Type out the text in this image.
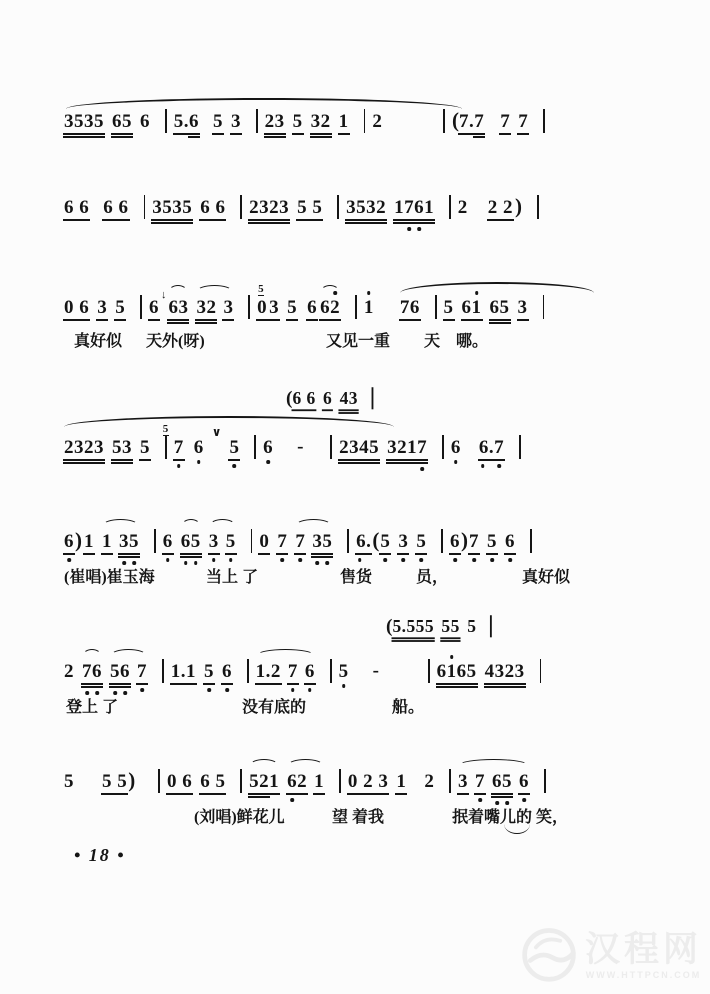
3535 65 6 5. 6 5 3 23 5 32 1 2	( 7. 7 7 7
6 6 6 6 3535 6 6 2323 5 5 3532 1761 2 2 2 )
0 6 3 5 6
↓
63 32 3 0 3
5
5 6 62 1 76 5 61 65 3
真好似 天外(呀)	又见一重 天 哪。
( 6 6 6 43
2323 53 5 7
5
6
∨
5 6 - 2345 3217 6 6. 7
6 ) 1 1 35 6 65 3 5 0 7 7 35 6. ( 5 3 5 6 ) 7 5 6
(崔唱)崔玉海	当上 了	售货	员，	真好似
( 5.555 55 5
2 76 56 7 1.1 5 6 1.2 7 6 5 -	6165 4323
登上 了	没有底的	船。
5 5 5 ) 0 6 6 5 52 1 62 1 0 2 3 1 2 3 7 65 6
(刘唱)鲜花儿	望 着我	抿着嘴儿的 笑，
• 18 •
汉程网
WWW.HTTPCN.COM
